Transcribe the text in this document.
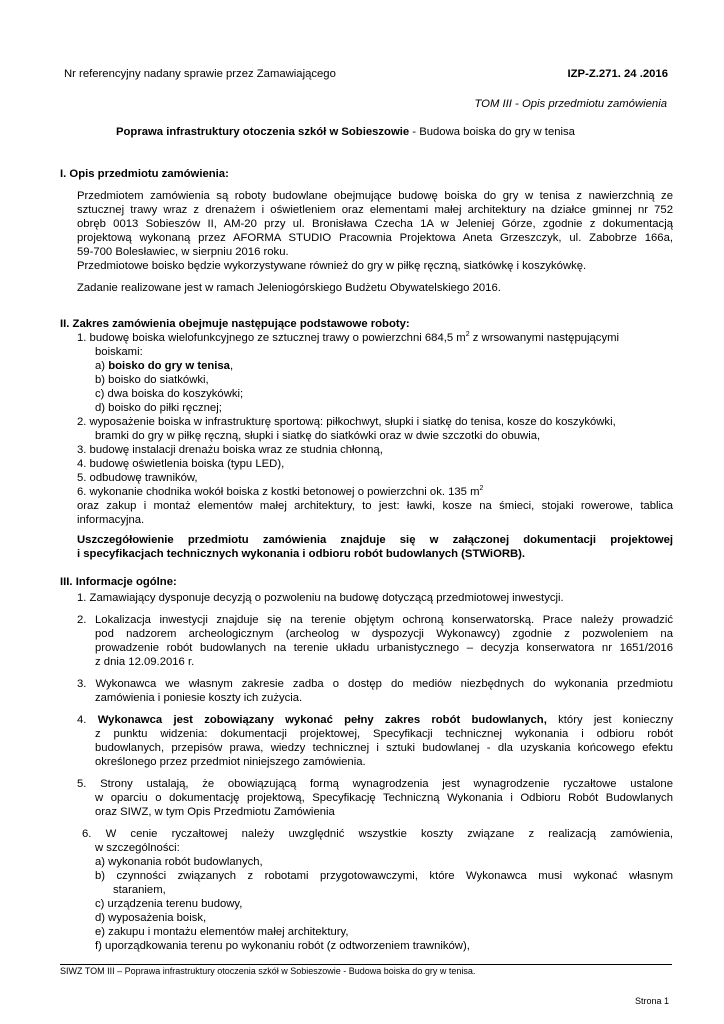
Nr referencyjny nadany sprawie przez Zamawiającego	IZP-Z.271. 24 .2016
TOM III - Opis przedmiotu zamówienia
Poprawa infrastruktury otoczenia szkół w Sobieszowie - Budowa boiska do gry w tenisa
I. Opis przedmiotu zamówienia:
Przedmiotem zamówienia są roboty budowlane obejmujące budowę boiska do gry w tenisa z nawierzchnią ze
sztucznej trawy wraz z drenażem i oświetleniem oraz elementami małej architektury na działce gminnej nr 752
obręb 0013 Sobieszów II, AM-20 przy ul. Bronisława Czecha 1A w Jeleniej Górze, zgodnie z dokumentacją
projektową wykonaną przez AFORMA STUDIO Pracownia Projektowa Aneta Grzeszczyk, ul. Zabobrze 166a,
59-700 Bolesławiec, w sierpniu 2016 roku.
Przedmiotowe boisko będzie wykorzystywane również do gry w piłkę ręczną, siatkówkę i koszykówkę.
Zadanie realizowane jest w ramach Jeleniogórskiego Budżetu Obywatelskiego 2016.
II. Zakres zamówienia obejmuje następujące podstawowe roboty:
1. budowę boiska wielofunkcyjnego ze sztucznej trawy o powierzchni 684,5 $m^2$ z wrsowanymi następującymi
boiskami:
a) boisko do gry w tenisa,
b) boisko do siatkówki,
c) dwa boiska do koszykówki;
d) boisko do piłki ręcznej;
2. wyposażenie boiska w infrastrukturę sportową: piłkochwyt, słupki i siatkę do tenisa, kosze do koszykówki,
bramki do gry w piłkę ręczną, słupki i siatkę do siatkówki oraz w dwie szczotki do obuwia,
3. budowę instalacji drenażu boiska wraz ze studnia chłonną,
4. budowę oświetlenia boiska (typu LED),
5. odbudowę trawników,
6. wykonanie chodnika wokół boiska z kostki betonowej o powierzchni ok. 135 $m^2$
oraz zakup i montaż elementów małej architektury, to jest: ławki, kosze na śmieci, stojaki rowerowe, tablica
informacyjna.
Uszczegółowienie przedmiotu zamówienia znajduje się w załączonej dokumentacji projektowej
i specyfikacjach technicznych wykonania i odbioru robót budowlanych (STWiORB).
III. Informacje ogólne:
1. Zamawiający dysponuje decyzją o pozwoleniu na budowę dotyczącą przedmiotowej inwestycji.
2. Lokalizacja inwestycji znajduje się na terenie objętym ochroną konserwatorską. Prace należy prowadzić
pod nadzorem archeologicznym (archeolog w dyspozycji Wykonawcy) zgodnie z pozwoleniem na
prowadzenie robót budowlanych na terenie układu urbanistycznego – decyzja konserwatora nr 1651/2016
z dnia 12.09.2016 r.
3. Wykonawca we własnym zakresie zadba o dostęp do mediów niezbędnych do wykonania przedmiotu
zamówienia i poniesie koszty ich zużycia.
4. Wykonawca jest zobowiązany wykonać pełny zakres robót budowlanych, który jest konieczny
z punktu widzenia: dokumentacji projektowej, Specyfikacji technicznej wykonania i odbioru robót
budowlanych, przepisów prawa, wiedzy technicznej i sztuki budowlanej - dla uzyskania końcowego efektu
określonego przez przedmiot niniejszego zamówienia.
5. Strony ustalają, że obowiązującą formą wynagrodzenia jest wynagrodzenie ryczałtowe ustalone
w oparciu o dokumentację projektową, Specyfikację Techniczną Wykonania i Odbioru Robót Budowlanych
oraz SIWZ, w tym Opis Przedmiotu Zamówienia
6. W cenie ryczałtowej należy uwzględnić wszystkie koszty związane z realizacją zamówienia,
w szczególności:
a) wykonania robót budowlanych,
b) czynności związanych z robotami przygotowawczymi, które Wykonawca musi wykonać własnym
staraniem,
c) urządzenia terenu budowy,
d) wyposażenia boisk,
e) zakupu i montażu elementów małej architektury,
f) uporządkowania terenu po wykonaniu robót (z odtworzeniem trawników),
SIWZ TOM III – Poprawa infrastruktury otoczenia szkół w Sobieszowie - Budowa boiska do gry w tenisa.
Strona 1
